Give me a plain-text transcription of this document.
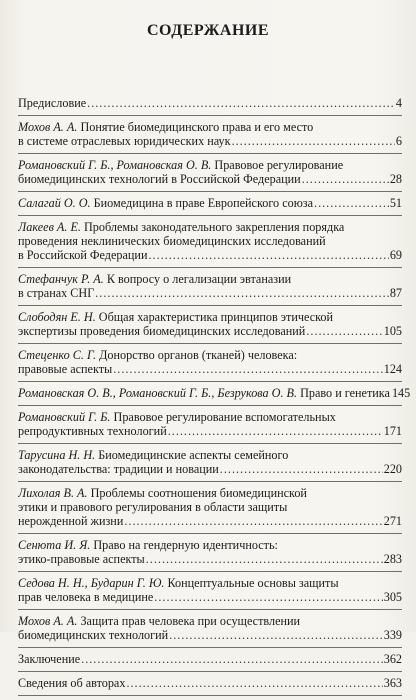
СОДЕРЖАНИЕ
Предисловие .....	4
Мохов А. А. Понятие биомедицинского права и его место
в системе отраслевых юридических наук .....	6
Романовский Г. Б., Романовская О. В. Правовое регулирование
биомедицинских технологий в Российской Федерации .....	28
Салагай О. О. Биомедицина в праве Европейского союза .....	51
Лакеев А. Е. Проблемы законодательного закрепления порядка
проведения неклинических биомедицинских исследований
в Российской Федерации .....	69
Стефанчук Р. А. К вопросу о легализации эвтаназии
в странах СНГ .....	87
Слободян Е. Н. Общая характеристика принципов этической
экспертизы проведения биомедицинских исследований .....	105
Стеценко С. Г. Донорство органов (тканей) человека:
правовые аспекты .....	124
Романовская О. В., Романовский Г. Б., Безрукова О. В. Право и генетика 145
Романовский Г. Б. Правовое регулирование вспомогательных
репродуктивных технологий .....	171
Тарусина Н. Н. Биомедицинские аспекты семейного
законодательства: традиции и новации .....	220
Лихолая В. А. Проблемы соотношения биомедицинской
этики и правового регулирования в области защиты
нерожденной жизни .....	271
Сенюта И. Я. Право на гендерную идентичность:
этико-правовые аспекты .....	283
Седова Н. Н., Бударин Г. Ю. Концептуальные основы защиты
прав человека в медицине .....	305
Мохов А. А. Защита прав человека при осуществлении
биомедицинских технологий .....	339
Заключение .....	362
Сведения об авторах .....	363
